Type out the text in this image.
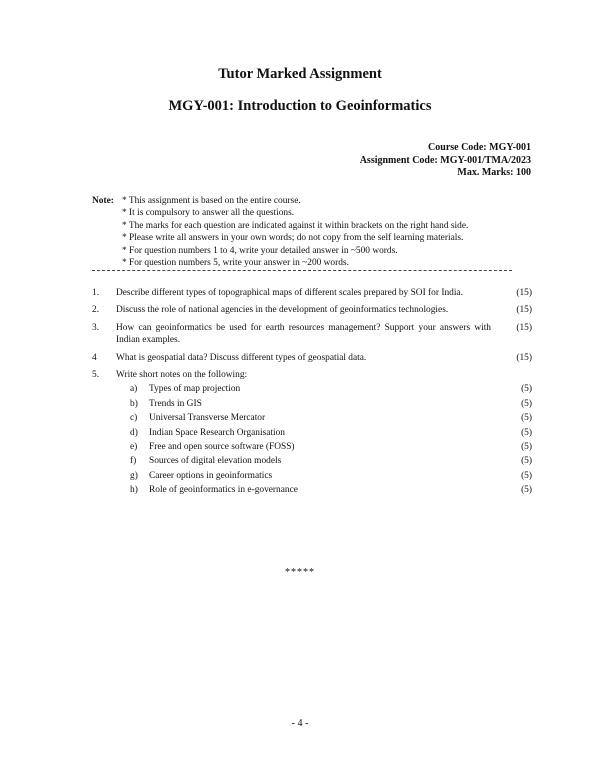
Tutor Marked Assignment
MGY-001: Introduction to Geoinformatics
Course Code: MGY-001
Assignment Code: MGY-001/TMA/2023
Max. Marks: 100
Note: * This assignment is based on the entire course.
* It is compulsory to answer all the questions.
* The marks for each question are indicated against it within brackets on the right hand side.
* Please write all answers in your own words; do not copy from the self learning materials.
* For question numbers 1 to 4, write your detailed answer in ~500 words.
* For question numbers 5, write your answer in ~200 words.
1. Describe different types of topographical maps of different scales prepared by SOI for India.	(15)
2. Discuss the role of national agencies in the development of geoinformatics technologies.	(15)
3. How can geoinformatics be used for earth resources management? Support your answers with Indian examples.
(15)
4 What is geospatial data? Discuss different types of geospatial data.	(15)
5. Write short notes on the following:
a) Types of map projection	(5)
b) Trends in GIS	(5)
c) Universal Transverse Mercator	(5)
d) Indian Space Research Organisation	(5)
e) Free and open source software (FOSS)	(5)
f) Sources of digital elevation models	(5)
g) Career options in geoinformatics	(5)
h) Role of geoinformatics in e-governance	(5)
*****
- 4 -
